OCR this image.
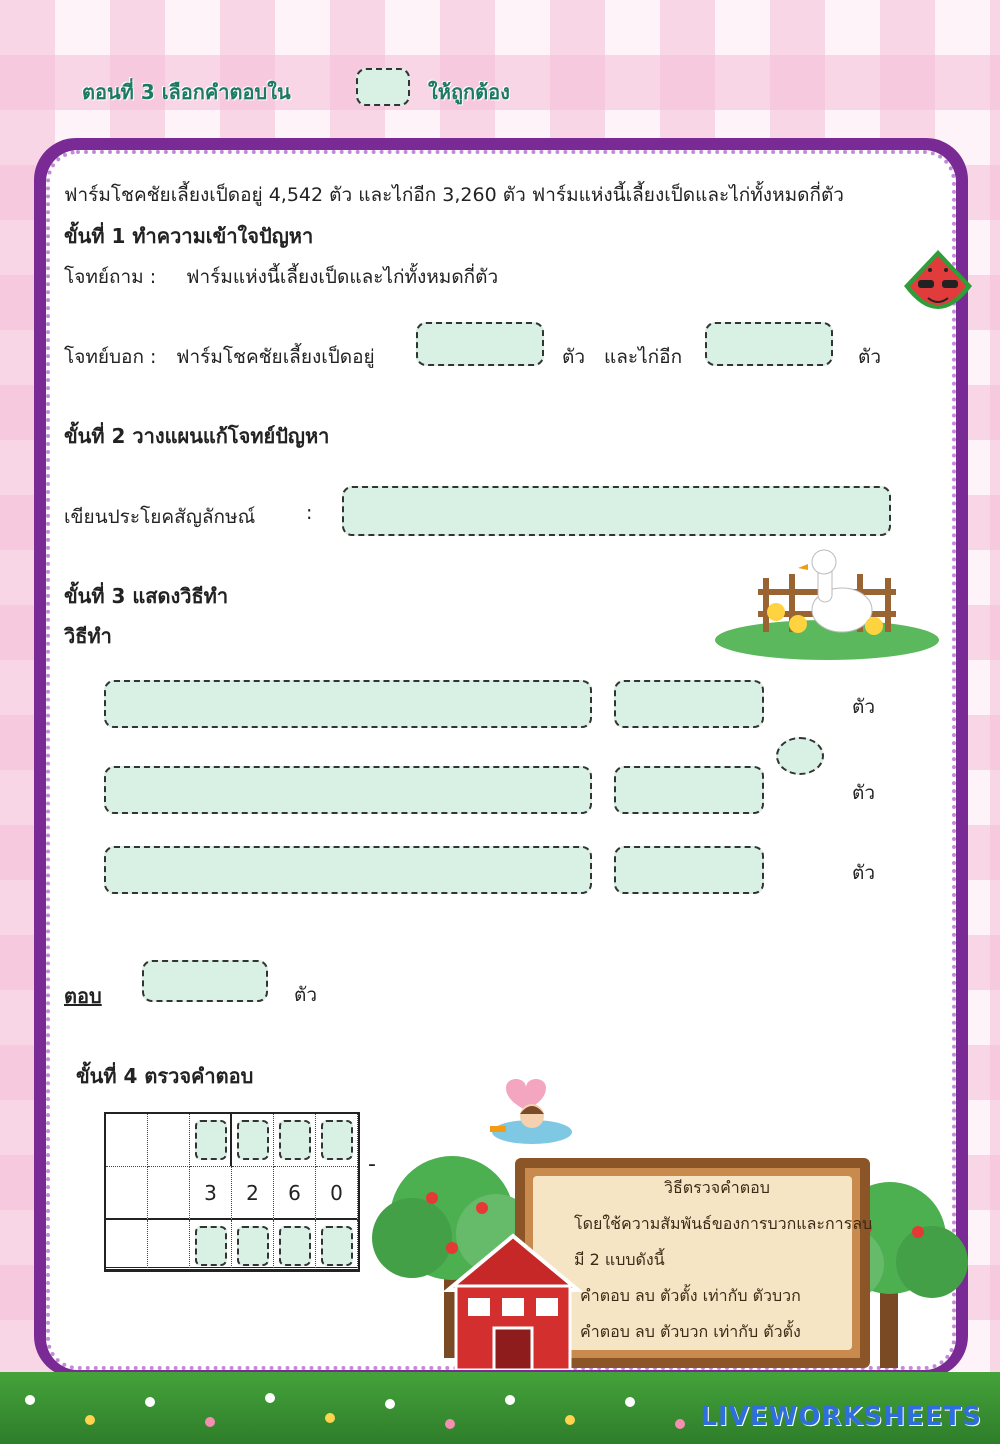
ตอนที่ 3 เลือกคำตอบใน	ให้ถูกต้อง
ฟาร์มโชคชัยเลี้ยงเป็ดอยู่ 4,542 ตัว และไก่อีก 3,260 ตัว ฟาร์มแห่งนี้เลี้ยงเป็ดและไก่ทั้งหมดกี่ตัว
ขั้นที่ 1 ทำความเข้าใจปัญหา
โจทย์ถาม : ฟาร์มแห่งนี้เลี้ยงเป็ดและไก่ทั้งหมดกี่ตัว
โจทย์บอก : ฟาร์มโชคชัยเลี้ยงเป็ดอยู่	ตัว และไก่อีก	ตัว
ขั้นที่ 2 วางแผนแก้โจทย์ปัญหา
เขียนประโยคสัญลักษณ์	:
ขั้นที่ 3 แสดงวิธีทำ
วิธีทำ
ตัว
ตัว
ตัว
ตอบ	ตัว
ขั้นที่ 4 ตรวจคำตอบ
3	2	6	0
-
วิธีตรวจคำตอบ
โดยใช้ความสัมพันธ์ของการบวกและการลบ
มี 2 แบบดังนี้
คำตอบ ลบ ตัวตั้ง เท่ากับ ตัวบวก
คำตอบ ลบ ตัวบวก เท่ากับ ตัวตั้ง
LIVEWORKSHEETS
